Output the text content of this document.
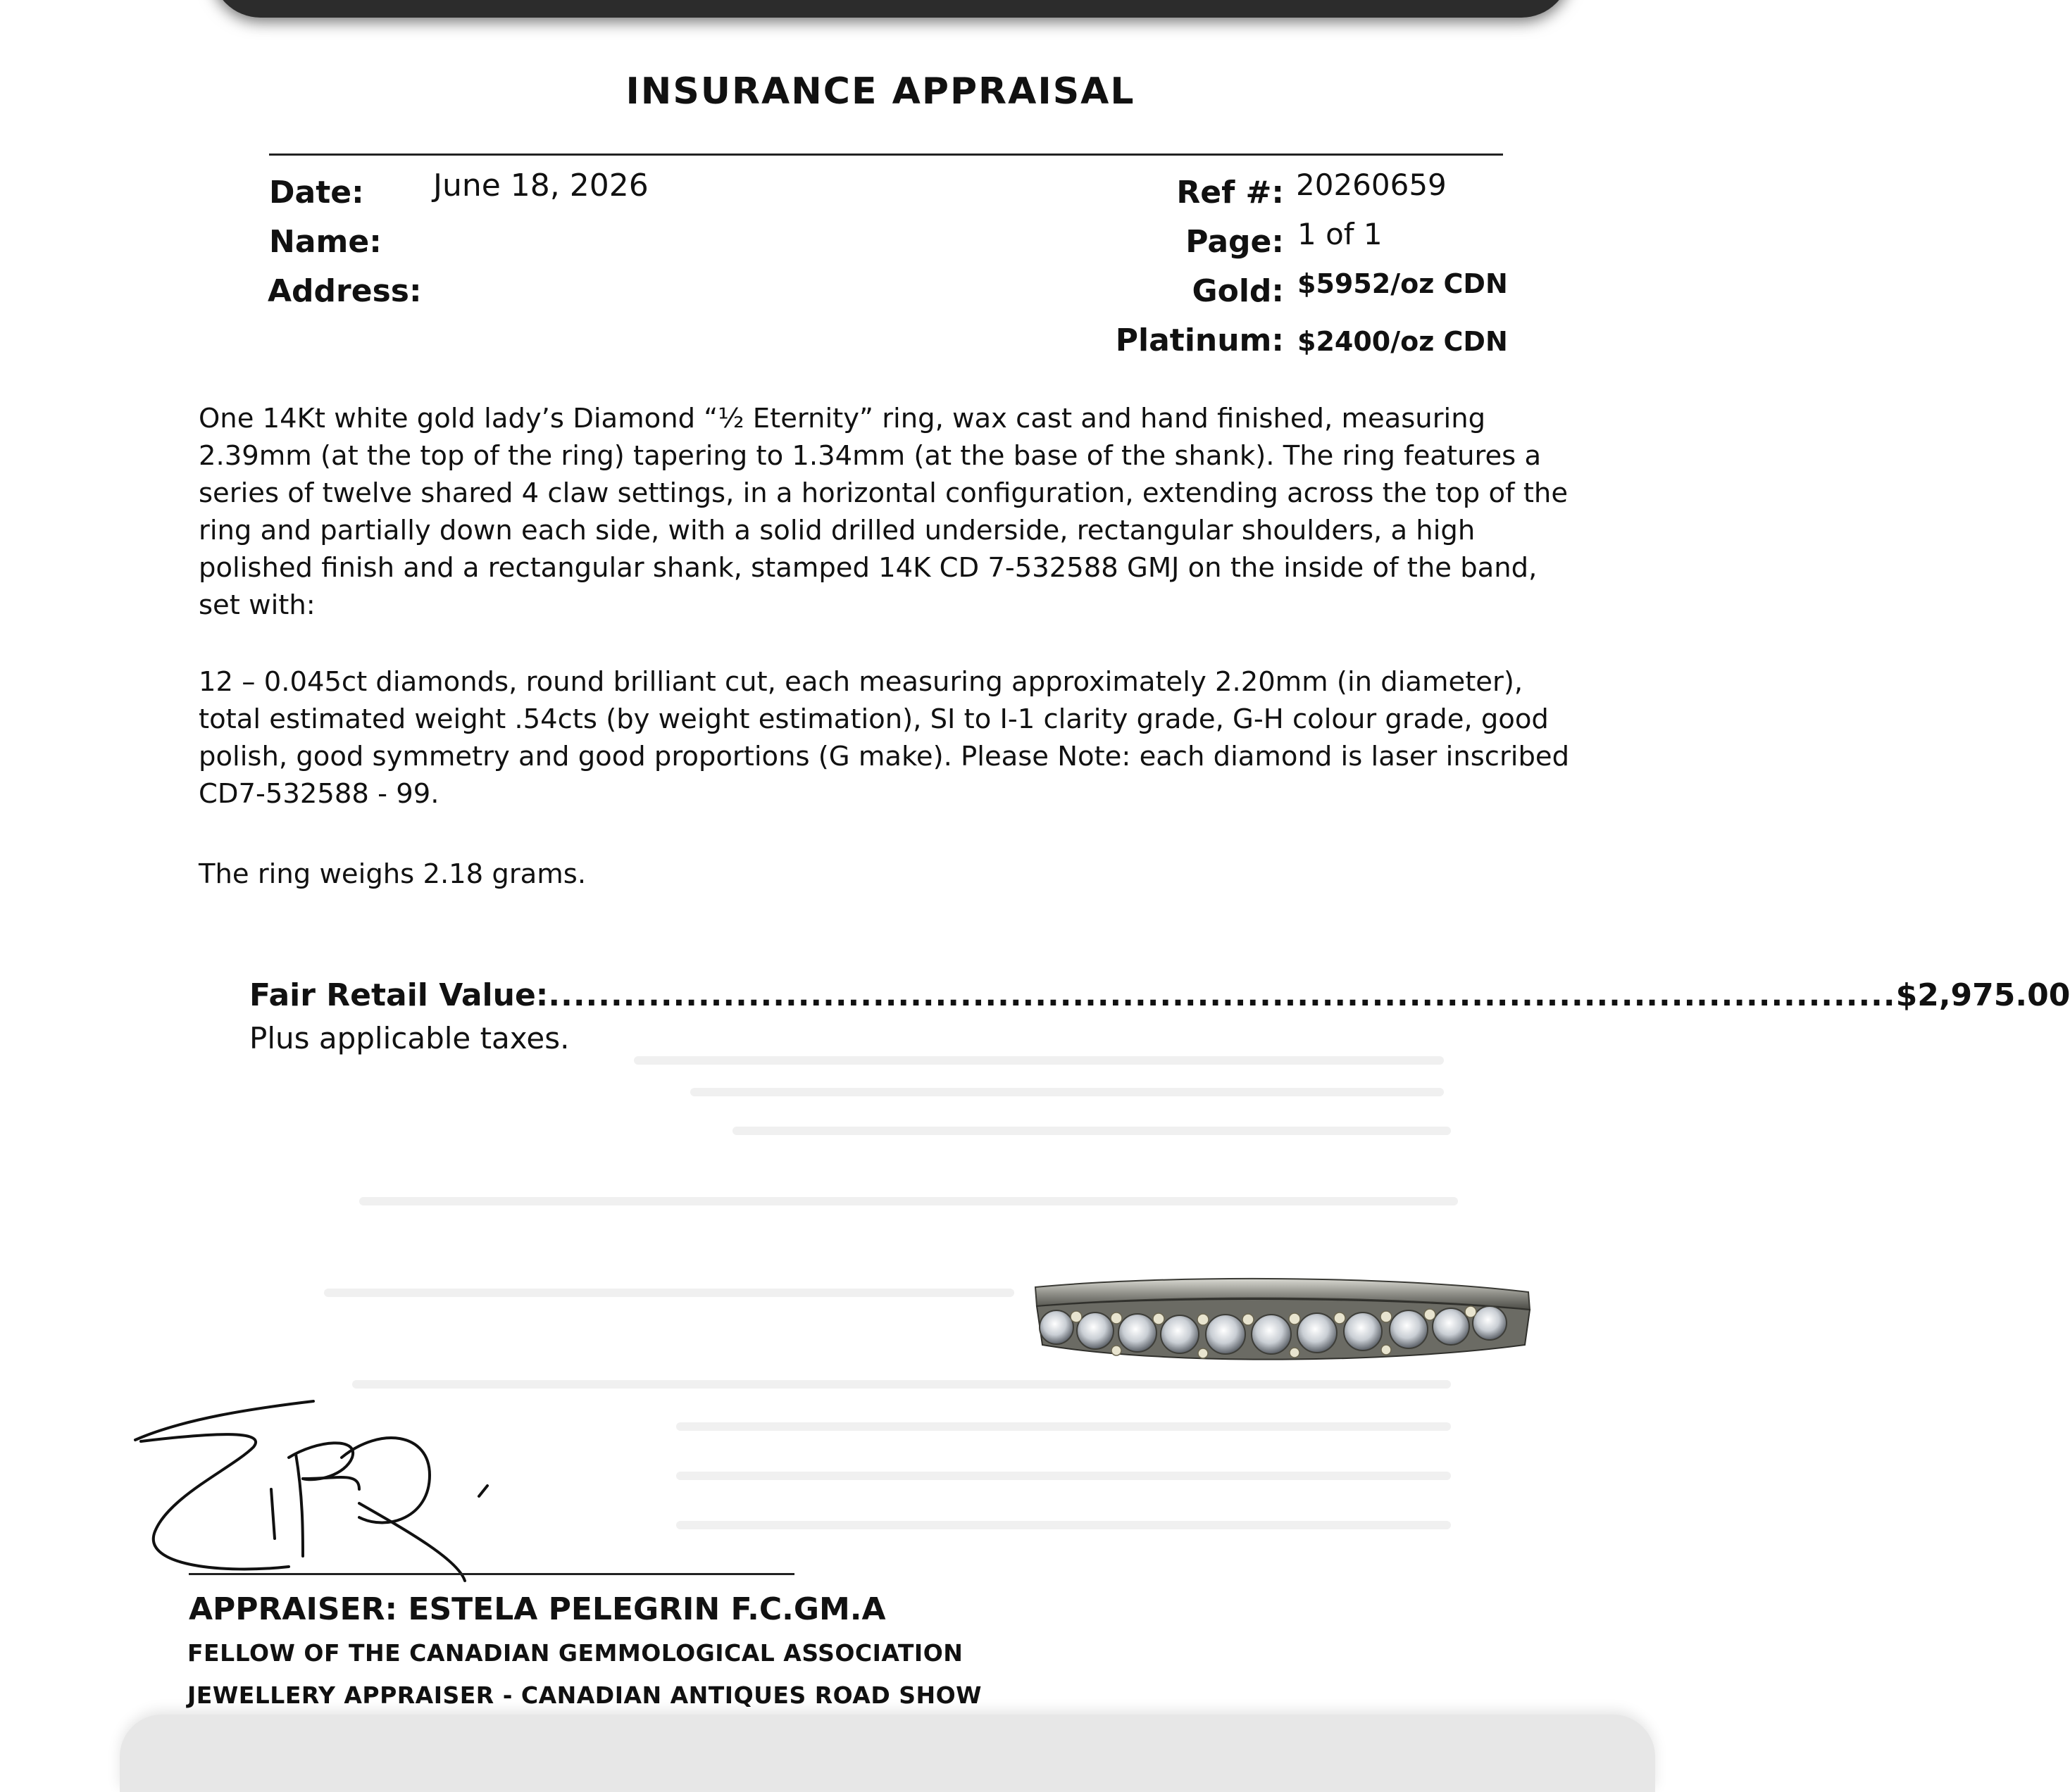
INSURANCE APPRAISAL
Date: June 18, 2026
Name:
Address:
Ref #: 20260659
Page: 1 of 1
Gold: $5952/oz CDN
Platinum: $2400/oz CDN

One 14Kt white gold lady’s Diamond “½ Eternity” ring, wax cast and hand finished, measuring 2.39mm (at the top of the ring) tapering to 1.34mm (at the base of the shank). The ring features a series of twelve shared 4 claw settings, in a horizontal configuration, extending across the top of the ring and partially down each side, with a solid drilled underside, rectangular shoulders, a high polished finish and a rectangular shank, stamped 14K CD 7-532588 GMJ on the inside of the band, set with:

12 – 0.045ct diamonds, round brilliant cut, each measuring approximately 2.20mm (in diameter), total estimated weight .54cts (by weight estimation), SI to I-1 clarity grade, G-H colour grade, good polish, good symmetry and good proportions (G make). Please Note: each diamond is laser inscribed CD7-532588 - 99.

The ring weighs 2.18 grams.

Fair Retail Value: ............................................................................................................ $2,975.00
Plus applicable taxes.
APPRAISER: ESTELA PELEGRIN F.C.GM.A
FELLOW OF THE CANADIAN GEMMOLOGICAL ASSOCIATION
JEWELLERY APPRAISER - CANADIAN ANTIQUES ROAD SHOW
